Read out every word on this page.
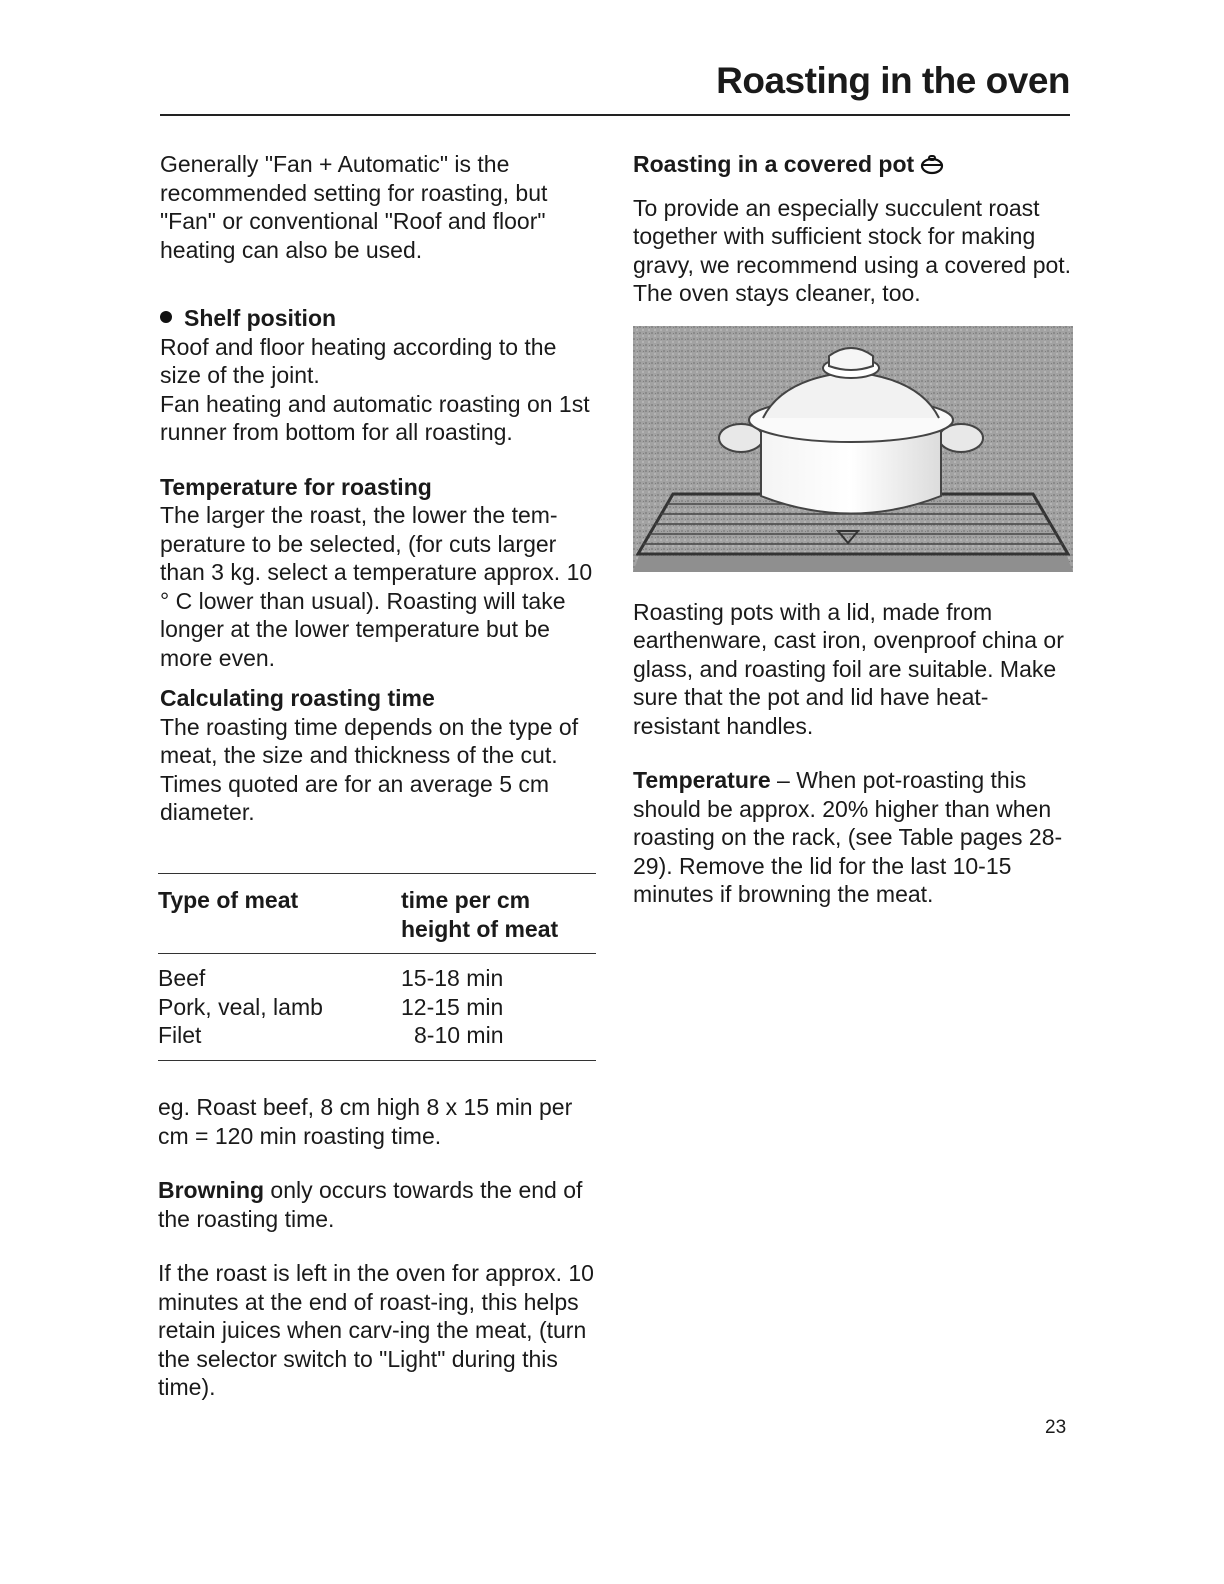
Roasting in the oven

Generally "Fan + Automatic" is the recommended setting for roasting, but "Fan" or conventional "Roof and floor" heating can also be used.

Shelf position

Roof and floor heating according to the size of the joint.

Fan heating and automatic roasting on 1st runner from bottom for all roasting.

Temperature for roasting

The larger the roast, the lower the tem-perature to be selected, (for cuts larger than 3 kg. select a temperature approx. 10 ° C lower than usual). Roasting will take longer at the lower temperature but be more even.

Calculating roasting time

The roasting time depends on the type of meat, the size and thickness of the cut. Times quoted are for an average 5 cm diameter.

Type of meat	time per cm height of meat
Beef	15-18 min
Pork, veal, lamb	12-15 min
Filet	8-10 min

eg. Roast beef, 8 cm high 8 x 15 min per cm = 120 min roasting time.

Browning only occurs towards the end of the roasting time.

If the roast is left in the oven for approx. 10 minutes at the end of roast-ing, this helps retain juices when carv-ing the meat, (turn the selector switch to "Light" during this time).

Roasting in a covered pot

To provide an especially succulent roast together with sufficient stock for making gravy, we recommend using a covered pot. The oven stays cleaner, too.

Roasting pots with a lid, made from earthenware, cast iron, ovenproof china or glass, and roasting foil are suitable. Make sure that the pot and lid have heat-resistant handles.

Temperature – When pot-roasting this should be approx. 20% higher than when roasting on the rack, (see Table pages 28-29). Remove the lid for the last 10-15 minutes if browning the meat.

23
